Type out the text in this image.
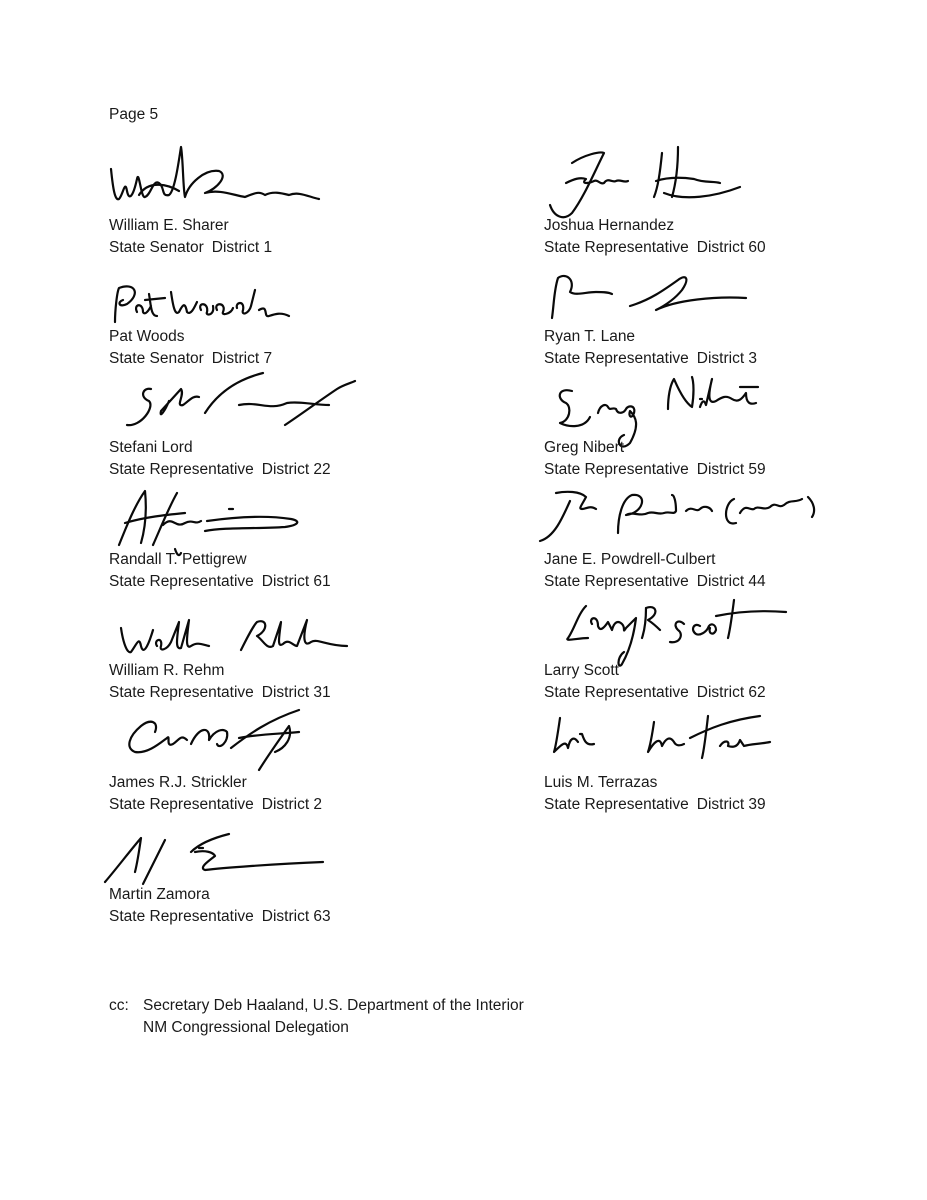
Page 5
William E. Sharer
State Senator District 1
Pat Woods
State Senator District 7
Stefani Lord
State Representative District 22
Randall T. Pettigrew
State Representative District 61
William R. Rehm
State Representative District 31
James R.J. Strickler
State Representative District 2
Martin Zamora
State Representative District 63
Joshua Hernandez
State Representative District 60
Ryan T. Lane
State Representative District 3
Greg Nibert
State Representative District 59
Jane E. Powdrell-Culbert
State Representative District 44
Larry Scott
State Representative District 62
Luis M. Terrazas
State Representative District 39
cc: Secretary Deb Haaland, U.S. Department of the Interior
NM Congressional Delegation
